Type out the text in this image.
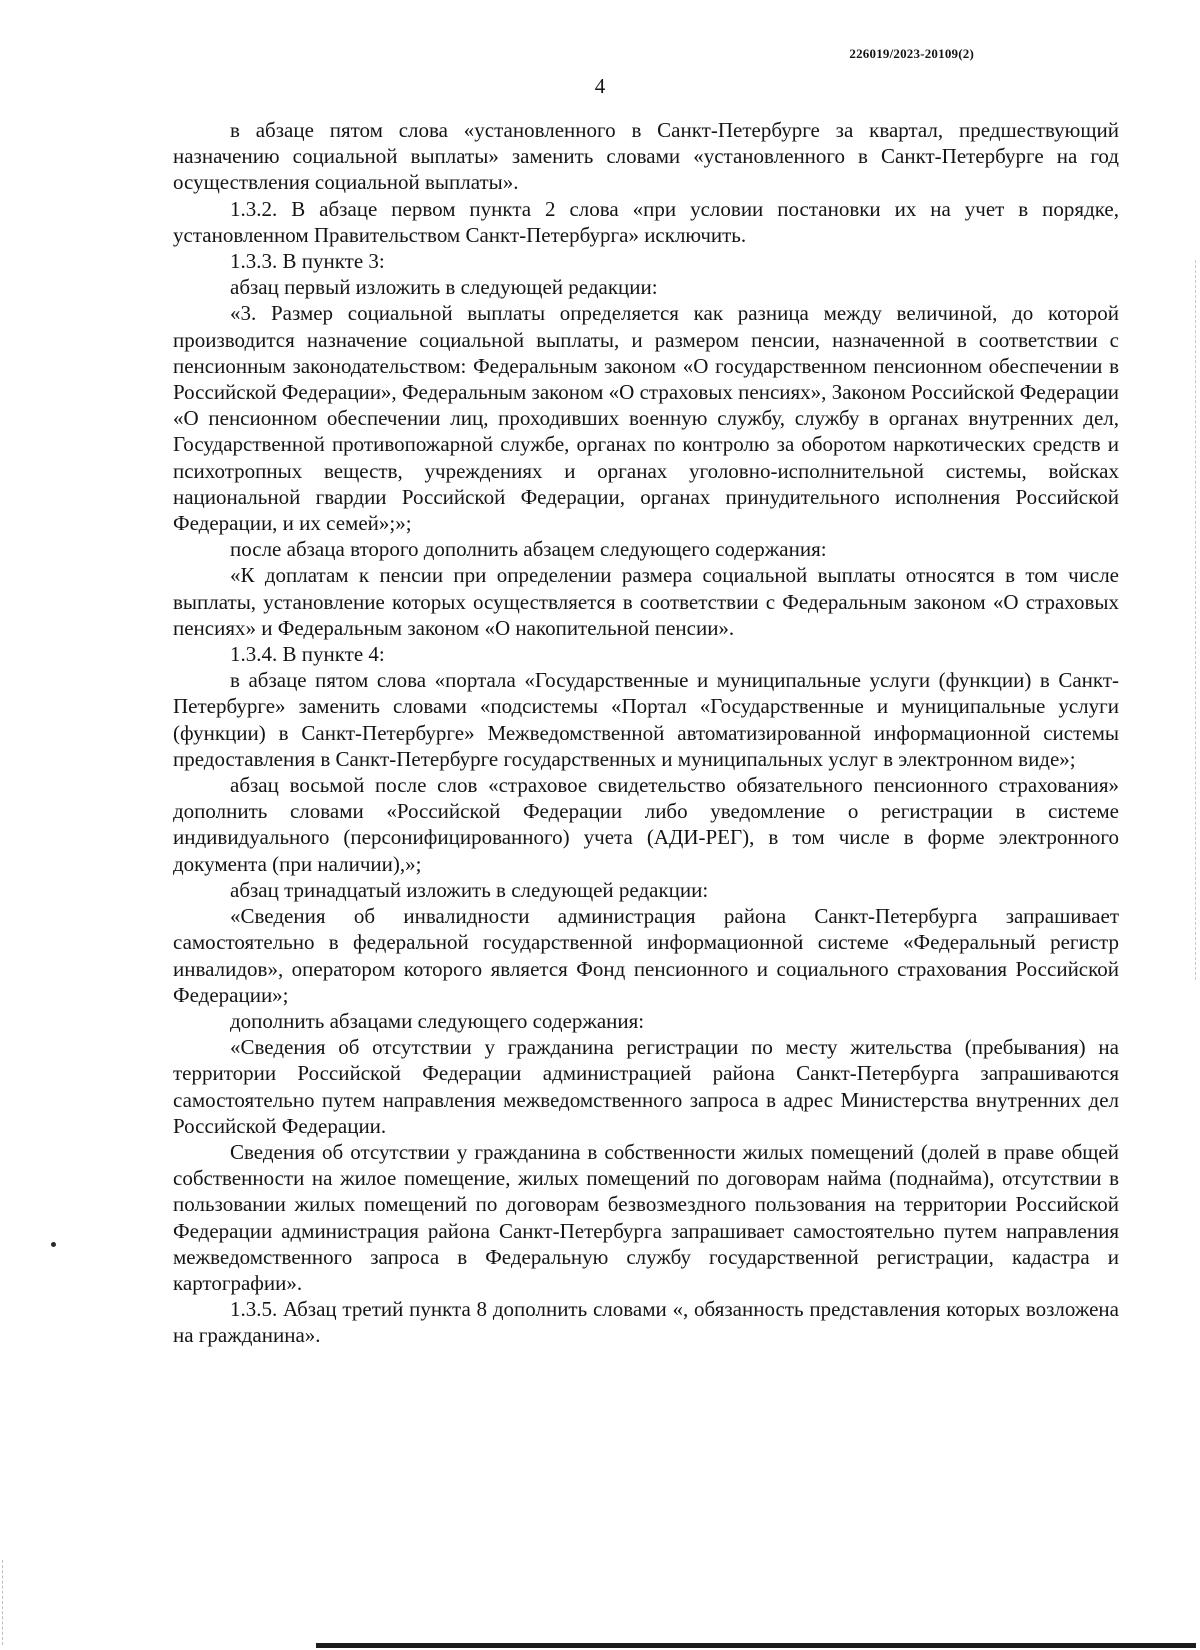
226019/2023-20109(2)
4

в абзаце пятом слова «установленного в Санкт-Петербурге за квартал, предшествующий назначению социальной выплаты» заменить словами «установленного в Санкт-Петербурге на год осуществления социальной выплаты».

1.3.2. В абзаце первом пункта 2 слова «при условии постановки их на учет в порядке, установленном Правительством Санкт-Петербурга» исключить.

1.3.3. В пункте 3:

абзац первый изложить в следующей редакции:

«3. Размер социальной выплаты определяется как разница между величиной, до которой производится назначение социальной выплаты, и размером пенсии, назначенной в соответствии с пенсионным законодательством: Федеральным законом «О государственном пенсионном обеспечении в Российской Федерации», Федеральным законом «О страховых пенсиях», Законом Российской Федерации «О пенсионном обеспечении лиц, проходивших военную службу, службу в органах внутренних дел, Государственной противопожарной службе, органах по контролю за оборотом наркотических средств и психотропных веществ, учреждениях и органах уголовно-исполнительной системы, войсках национальной гвардии Российской Федерации, органах принудительного исполнения Российской Федерации, и их семей»;»;

после абзаца второго дополнить абзацем следующего содержания:

«К доплатам к пенсии при определении размера социальной выплаты относятся в том числе выплаты, установление которых осуществляется в соответствии с Федеральным законом «О страховых пенсиях» и Федеральным законом «О накопительной пенсии».

1.3.4. В пункте 4:

в абзаце пятом слова «портала «Государственные и муниципальные услуги (функции) в Санкт-Петербурге» заменить словами «подсистемы «Портал «Государственные и муниципальные услуги (функции) в Санкт-Петербурге» Межведомственной автоматизированной информационной системы предоставления в Санкт-Петербурге государственных и муниципальных услуг в электронном виде»;

абзац восьмой после слов «страховое свидетельство обязательного пенсионного страхования» дополнить словами «Российской Федерации либо уведомление о регистрации в системе индивидуального (персонифицированного) учета (АДИ-РЕГ), в том числе в форме электронного документа (при наличии),»;

абзац тринадцатый изложить в следующей редакции:

«Сведения об инвалидности администрация района Санкт-Петербурга запрашивает самостоятельно в федеральной государственной информационной системе «Федеральный регистр инвалидов», оператором которого является Фонд пенсионного и социального страхования Российской Федерации»;

дополнить абзацами следующего содержания:

«Сведения об отсутствии у гражданина регистрации по месту жительства (пребывания) на территории Российской Федерации администрацией района Санкт-Петербурга запрашиваются самостоятельно путем направления межведомственного запроса в адрес Министерства внутренних дел Российской Федерации.

Сведения об отсутствии у гражданина в собственности жилых помещений (долей в праве общей собственности на жилое помещение, жилых помещений по договорам найма (поднайма), отсутствии в пользовании жилых помещений по договорам безвозмездного пользования на территории Российской Федерации администрация района Санкт-Петербурга запрашивает самостоятельно путем направления межведомственного запроса в Федеральную службу государственной регистрации, кадастра и картографии».

1.3.5. Абзац третий пункта 8 дополнить словами «, обязанность представления которых возложена на гражданина».
